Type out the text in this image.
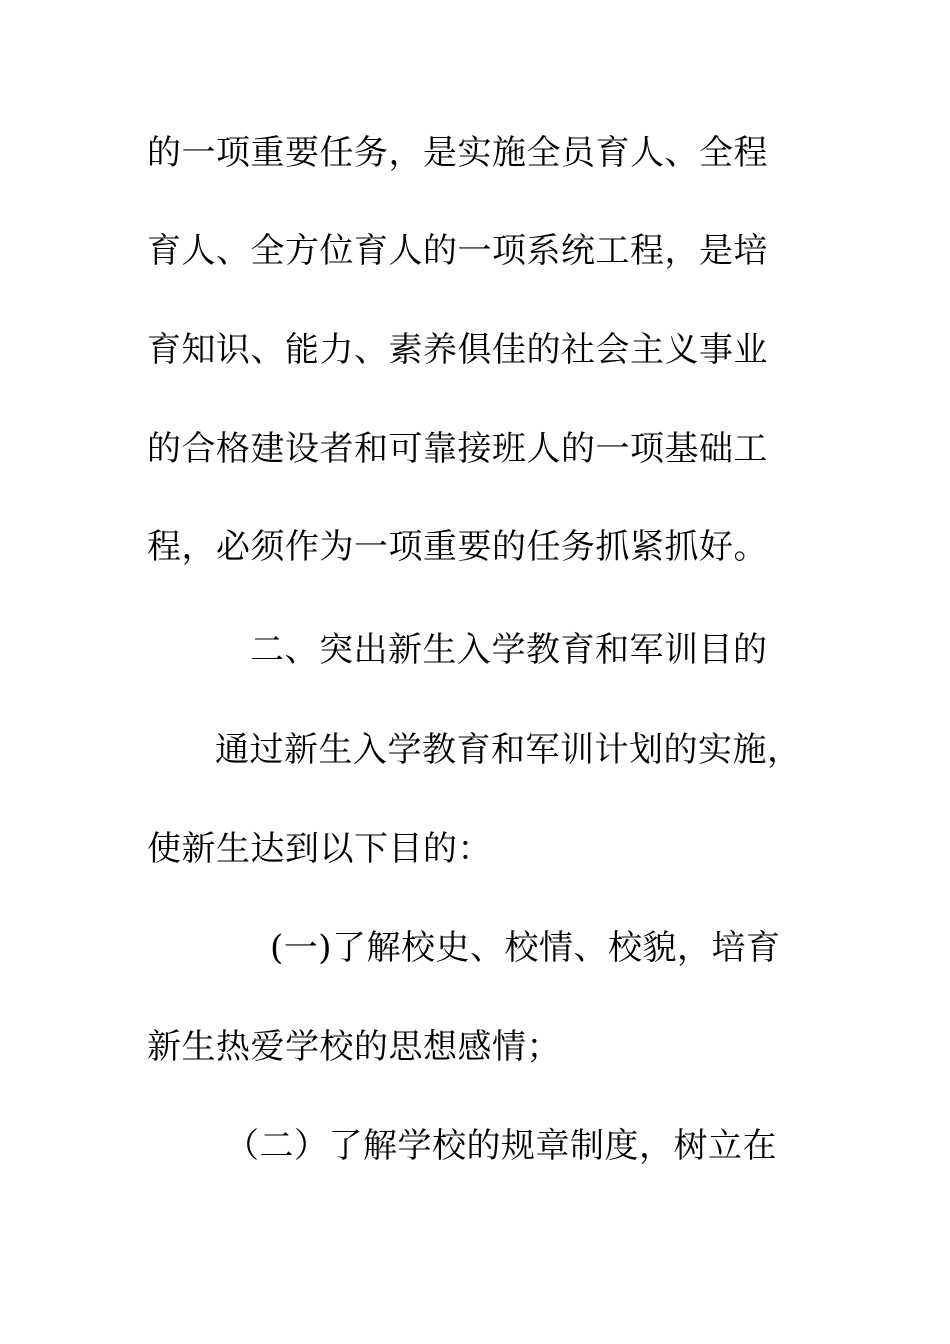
的一项重要任务，是实施全员育人、全程
育人、全方位育人的一项系统工程，是培
育知识、能力、素养俱佳的社会主义事业
的合格建设者和可靠接班人的一项基础工
程，必须作为一项重要的任务抓紧抓好。
二、突出新生入学教育和军训目的
通过新生入学教育和军训计划的实施，
使新生达到以下目的：
(一)了解校史、校情、校貌，培育
新生热爱学校的思想感情；
（二）了解学校的规章制度，树立在
